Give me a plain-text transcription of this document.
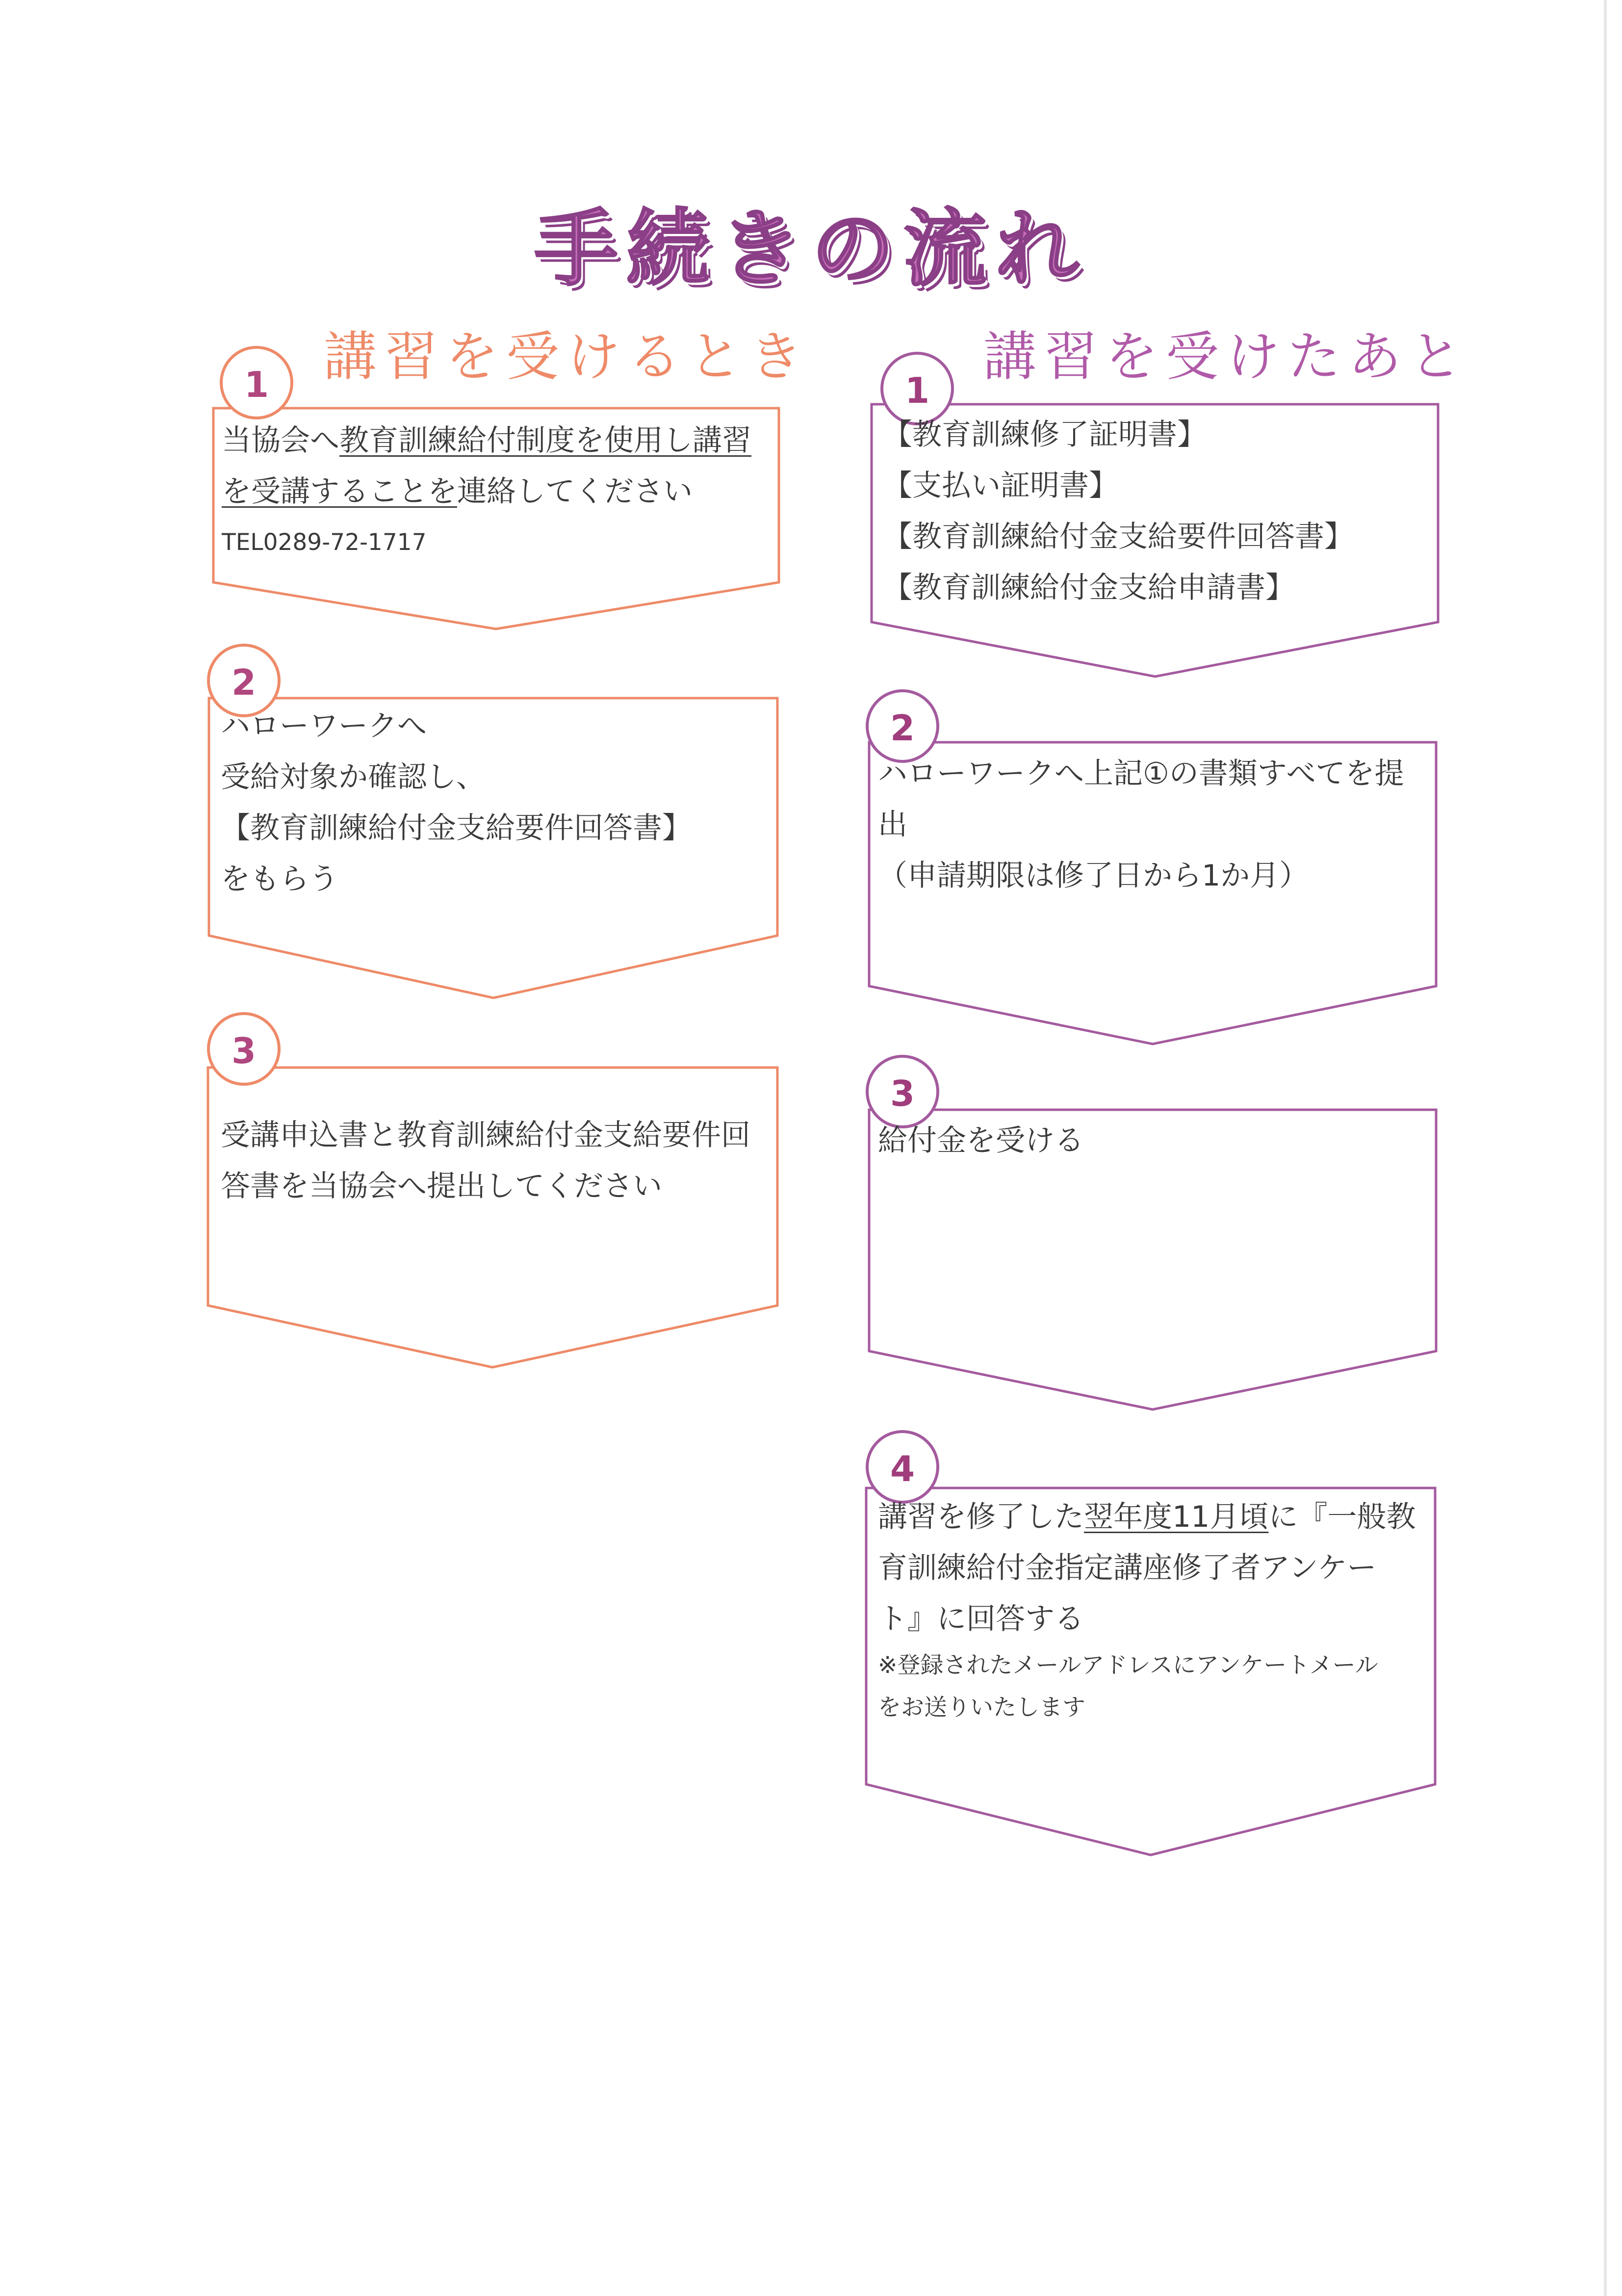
手続きの流れ
講習を受けるとき	講習を受けたあと
1
当協会へ教育訓練給付制度を使用し講習
を受講することを連絡してください
TEL0289-72-1717
2
ハローワークへ
受給対象か確認し、
【教育訓練給付金支給要件回答書】
をもらう
3
受講申込書と教育訓練給付金支給要件回
答書を当協会へ提出してください
1
【教育訓練修了証明書】
【支払い証明書】
【教育訓練給付金支給要件回答書】
【教育訓練給付金支給申請書】
2
ハローワークへ上記①の書類すべてを提
出
（申請期限は修了日から1か月）
3
給付金を受ける
4
講習を修了した翌年度11月頃に『一般教
育訓練給付金指定講座修了者アンケー
ト』に回答する
※登録されたメールアドレスにアンケートメール
をお送りいたします
